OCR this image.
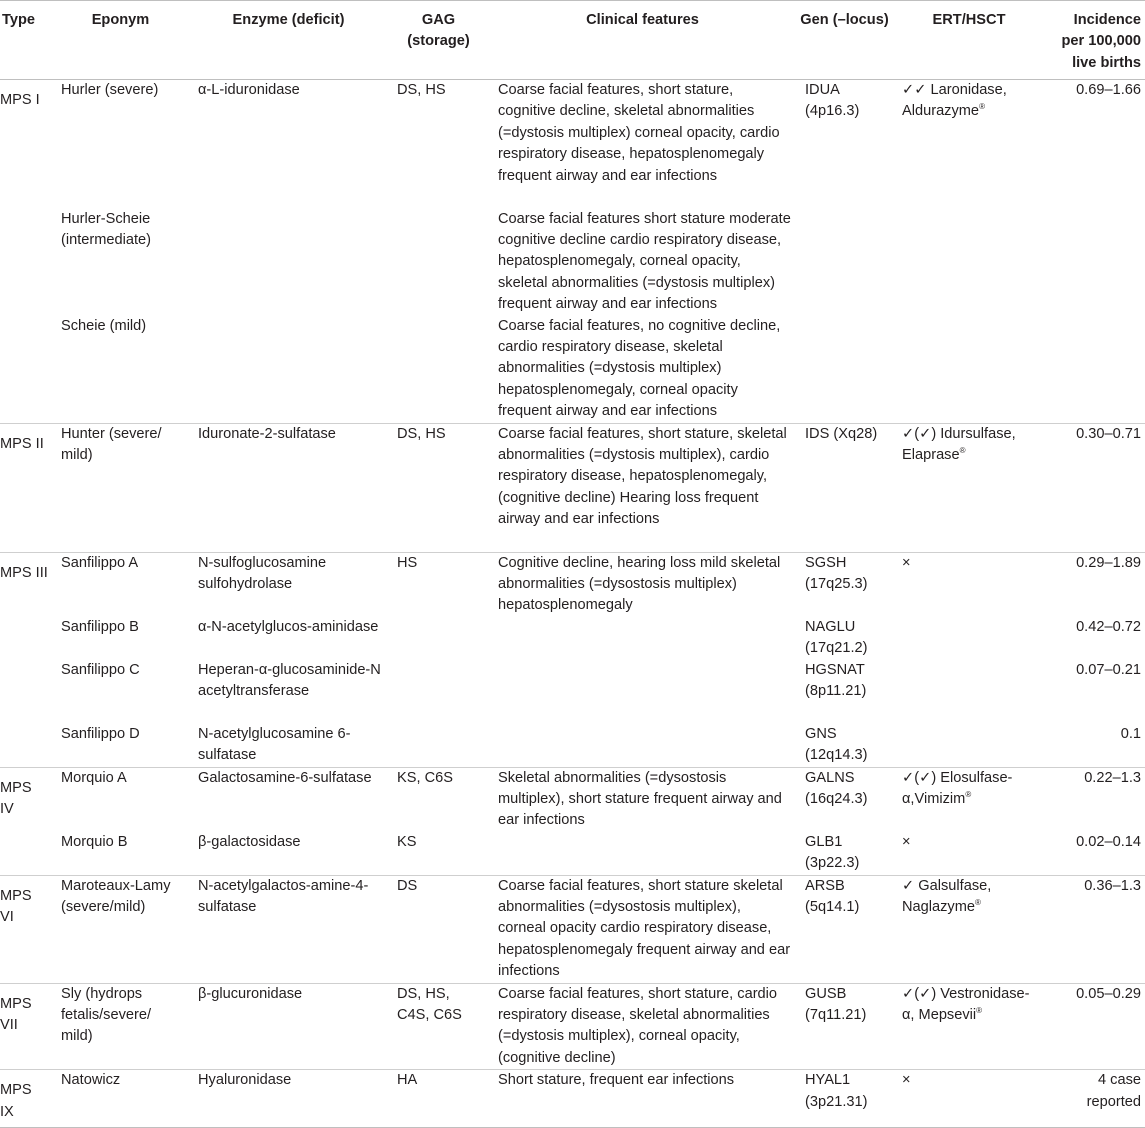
Type	Eponym	Enzyme (deficit)	GAG (storage)	Clinical features	Gen (–locus)	ERT/HSCT	Incidence per 100,000 live births

MPS I	Hurler (severe)	α-L-iduronidase	DS, HS	Coarse facial features, short stature, cognitive decline, skeletal abnormalities (=dystosis multiplex) corneal opacity, cardio respiratory disease, hepatosplenomegaly frequent airway and ear infections	IDUA (4p16.3)	✓✓ Laronidase, Aldurazyme®	0.69–1.66

	Hurler-Scheie (intermediate)			Coarse facial features short stature moderate cognitive decline cardio respiratory disease, hepatosplenomegaly, corneal opacity, skeletal abnormalities (=dystosis multiplex) frequent airway and ear infections			

	Scheie (mild)			Coarse facial features, no cognitive decline, cardio respiratory disease, skeletal abnormalities (=dystosis multiplex) hepatosplenomegaly, corneal opacity frequent airway and ear infections			

MPS II	Hunter (severe/ mild)	Iduronate-2-sulfatase	DS, HS	Coarse facial features, short stature, skeletal abnormalities (=dystosis multiplex), cardio respiratory disease, hepatosplenomegaly, (cognitive decline) Hearing loss frequent airway and ear infections	IDS (Xq28)	✓(✓) Idursulfase, Elaprase®	0.30–0.71

MPS III	Sanfilippo A	N-sulfoglucosamine sulfohydrolase	HS	Cognitive decline, hearing loss mild skeletal abnormalities (=dysostosis multiplex) hepatosplenomegaly	SGSH (17q25.3)	×	0.29–1.89

	Sanfilippo B	α-N-acetylglucos-aminidase			NAGLU (17q21.2)		0.42–0.72

	Sanfilippo C	Heperan-α-glucosaminide-N acetyltransferase			HGSNAT (8p11.21)		0.07–0.21

	Sanfilippo D	N-acetylglucosamine 6-sulfatase			GNS (12q14.3)		0.1

MPS IV	Morquio A	Galactosamine-6-sulfatase	KS, C6S	Skeletal abnormalities (=dysostosis multiplex), short stature frequent airway and ear infections	GALNS (16q24.3)	✓(✓) Elosulfase-α,Vimizim®	0.22–1.3

	Morquio B	β-galactosidase	KS		GLB1 (3p22.3)	×	0.02–0.14

MPS VI	Maroteaux-Lamy (severe/mild)	N-acetylgalactos-amine-4-sulfatase	DS	Coarse facial features, short stature skeletal abnormalities (=dysostosis multiplex), corneal opacity cardio respiratory disease, hepatosplenomegaly frequent airway and ear infections	ARSB (5q14.1)	✓ Galsulfase, Naglazyme®	0.36–1.3

MPS VII	Sly (hydrops fetalis/severe/ mild)	β-glucuronidase	DS, HS, C4S, C6S	Coarse facial features, short stature, cardio respiratory disease, skeletal abnormalities (=dystosis multiplex), corneal opacity, (cognitive decline)	GUSB (7q11.21)	✓(✓) Vestronidase- α, Mepsevii®	0.05–0.29

MPS IX	Natowicz	Hyaluronidase	HA	Short stature, frequent ear infections	HYAL1 (3p21.31)	×	4 case reported
